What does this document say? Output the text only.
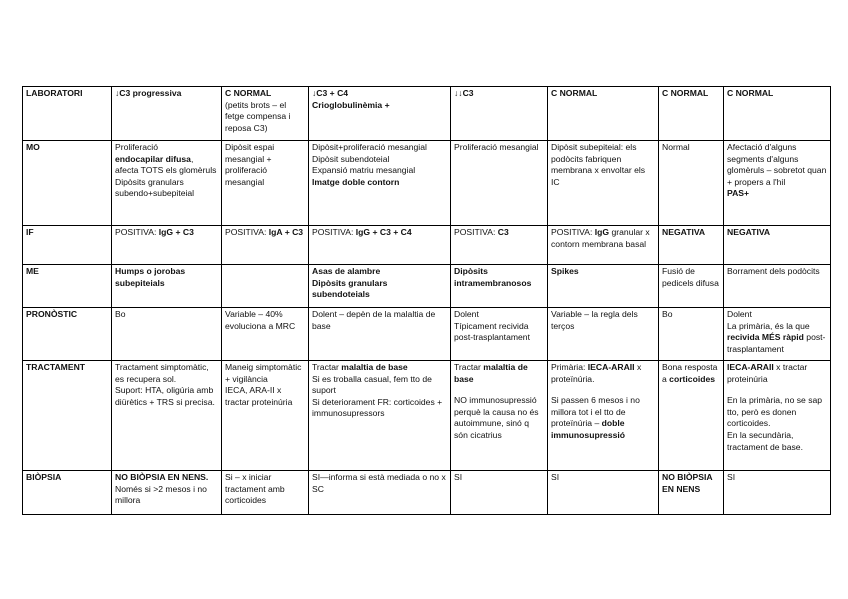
LABORATORI	↓C3 progressiva	C NORMAL
(petits brots – el fetge compensa i reposa C3)	↓C3 + C4
Crioglobulinèmia +	↓↓C3	C NORMAL	C NORMAL	C NORMAL
MO	Proliferació
endocapilar difusa, afecta TOTS els glomèruls
Dipòsits granulars subendo+subepiteial	Dipòsit espai mesangial + proliferació mesangial	Dipòsit+proliferació mesangial
Dipòsit subendoteial
Expansió matriu mesangial
Imatge doble contorn	Proliferació mesangial	Dipòsit subepiteial: els podòcits fabriquen membrana x envoltar els IC	Normal	Afectació d'alguns segments d'alguns glomèruls – sobretot quan + propers a l'hil
PAS+

IF	POSITIVA: IgG + C3	POSITIVA: IgA + C3	POSITIVA: IgG + C3 + C4	POSITIVA: C3	POSITIVA: IgG granular x contorn membrana basal	NEGATIVA	NEGATIVA
ME	Humps o jorobas subepiteials		Asas de alambre
Dipòsits granulars subendoteials	Dipòsits intramembranosos	Spikes	Fusió de pedicels difusa	Borrament dels podòcits
PRONÒSTIC	Bo	Variable – 40% evoluciona a MRC	Dolent – depèn de la malaltia de base	Dolent
Típicament recivida post-trasplantament	Variable – la regla dels terços	Bo	Dolent
La primària, és la que recivida MÉS ràpid post-trasplantament
TRACTAMENT	Tractament simptomàtic, es recupera sol.
Suport: HTA, oligúria amb diürètics + TRS si precisa.	Maneig simptomàtic + vigilància
IECA, ARA-II x tractar proteinúria	Tractar malaltia de base
Si es troballa casual, fem tto de suport
Si deteriorament FR: corticoides + immunosupressors	Tractar malaltia de base
NO immunosupressió perquè la causa no és autoimmune, sinó q són cicatrius	Primària: IECA-ARAII x proteïnúria.
Si passen 6 mesos i no millora tot i el tto de proteïnúria – doble immunosupressió	Bona resposta a corticoides	IECA-ARAII x tractar proteinúria
En la primària, no se sap tto, però es donen corticoides.
En la secundària, tractament de base.

BIÒPSIA	NO BIÒPSIA EN NENS. Només si >2 mesos i no millora	Si – x iniciar tractament amb corticoides	SI—informa si està mediada o no x SC	SI	SI	NO BIÒPSIA EN NENS	SI
